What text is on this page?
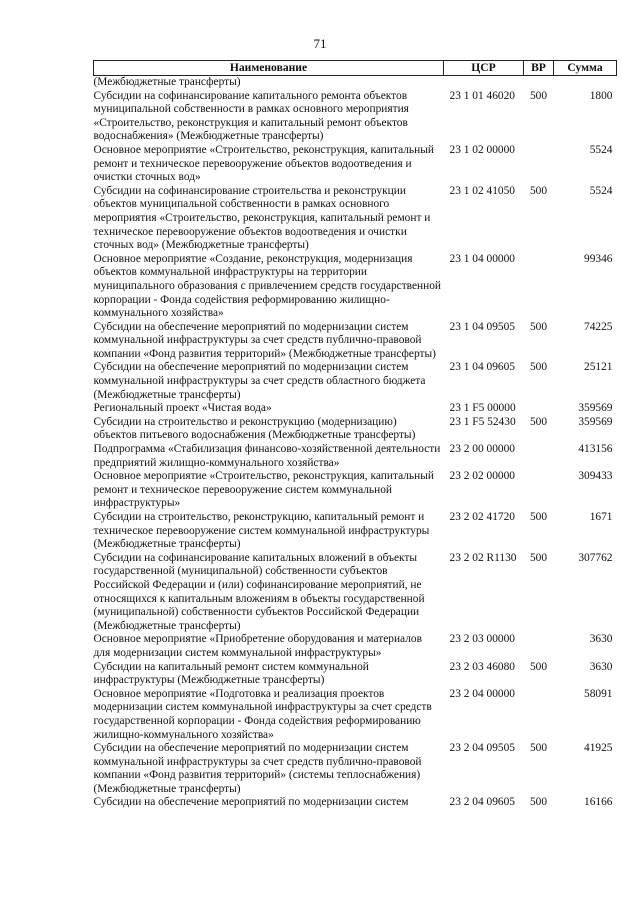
71
Наименование	ЦСР	ВР	Сумма
(Межбюджетные трансферты)			
Субсидии на софинансирование капитального ремонта объектов муниципальной собственности в рамках основного мероприятия «Строительство, реконструкция и капитальный ремонт объектов водоснабжения» (Межбюджетные трансферты)	23 1 01 46020	500	1800
Основное мероприятие «Строительство, реконструкция, капитальный ремонт и техническое перевооружение объектов водоотведения и очистки сточных вод»	23 1 02 00000		5524
Субсидии на софинансирование строительства и реконструкции объектов муниципальной собственности в рамках основного мероприятия «Строительство, реконструкция, капитальный ремонт и техническое перевооружение объектов водоотведения и очистки сточных вод» (Межбюджетные трансферты)	23 1 02 41050	500	5524
Основное мероприятие «Создание, реконструкция, модернизация объектов коммунальной инфраструктуры на территории муниципального образования с привлечением средств государственной корпорации - Фонда содействия реформированию жилищно-коммунального хозяйства»	23 1 04 00000		99346
Субсидии на обеспечение мероприятий по модернизации систем коммунальной инфраструктуры за счет средств публично-правовой компании «Фонд развития территорий» (Межбюджетные трансферты)	23 1 04 09505	500	74225
Субсидии на обеспечение мероприятий по модернизации систем коммунальной инфраструктуры за счет средств областного бюджета (Межбюджетные трансферты)	23 1 04 09605	500	25121
Региональный проект «Чистая вода»	23 1 F5 00000		359569
Субсидии на строительство и реконструкцию (модернизацию) объектов питьевого водоснабжения (Межбюджетные трансферты)	23 1 F5 52430	500	359569
Подпрограмма «Стабилизация финансово-хозяйственной деятельности предприятий жилищно-коммунального хозяйства»	23 2 00 00000		413156
Основное мероприятие «Строительство, реконструкция, капитальный ремонт и техническое перевооружение систем коммунальной инфраструктуры»	23 2 02 00000		309433
Субсидии на строительство, реконструкцию, капитальный ремонт и техническое перевооружение систем коммунальной инфраструктуры (Межбюджетные трансферты)	23 2 02 41720	500	1671
Субсидии на софинансирование капитальных вложений в объекты государственной (муниципальной) собственности субъектов Российской Федерации и (или) софинансирование мероприятий, не относящихся к капитальным вложениям в объекты государственной (муниципальной) собственности субъектов Российской Федерации (Межбюджетные трансферты)	23 2 02 R1130	500	307762
Основное мероприятие «Приобретение оборудования и материалов для модернизации систем коммунальной инфраструктуры»	23 2 03 00000		3630
Субсидии на капитальный ремонт систем коммунальной инфраструктуры (Межбюджетные трансферты)	23 2 03 46080	500	3630
Основное мероприятие «Подготовка и реализация проектов модернизации систем коммунальной инфраструктуры за счет средств государственной корпорации - Фонда содействия реформированию жилищно-коммунального хозяйства»	23 2 04 00000		58091
Субсидии на обеспечение мероприятий по модернизации систем коммунальной инфраструктуры за счет средств публично-правовой компании «Фонд развития территорий» (системы теплоснабжения) (Межбюджетные трансферты)	23 2 04 09505	500	41925
Субсидии на обеспечение мероприятий по модернизации систем	23 2 04 09605	500	16166
